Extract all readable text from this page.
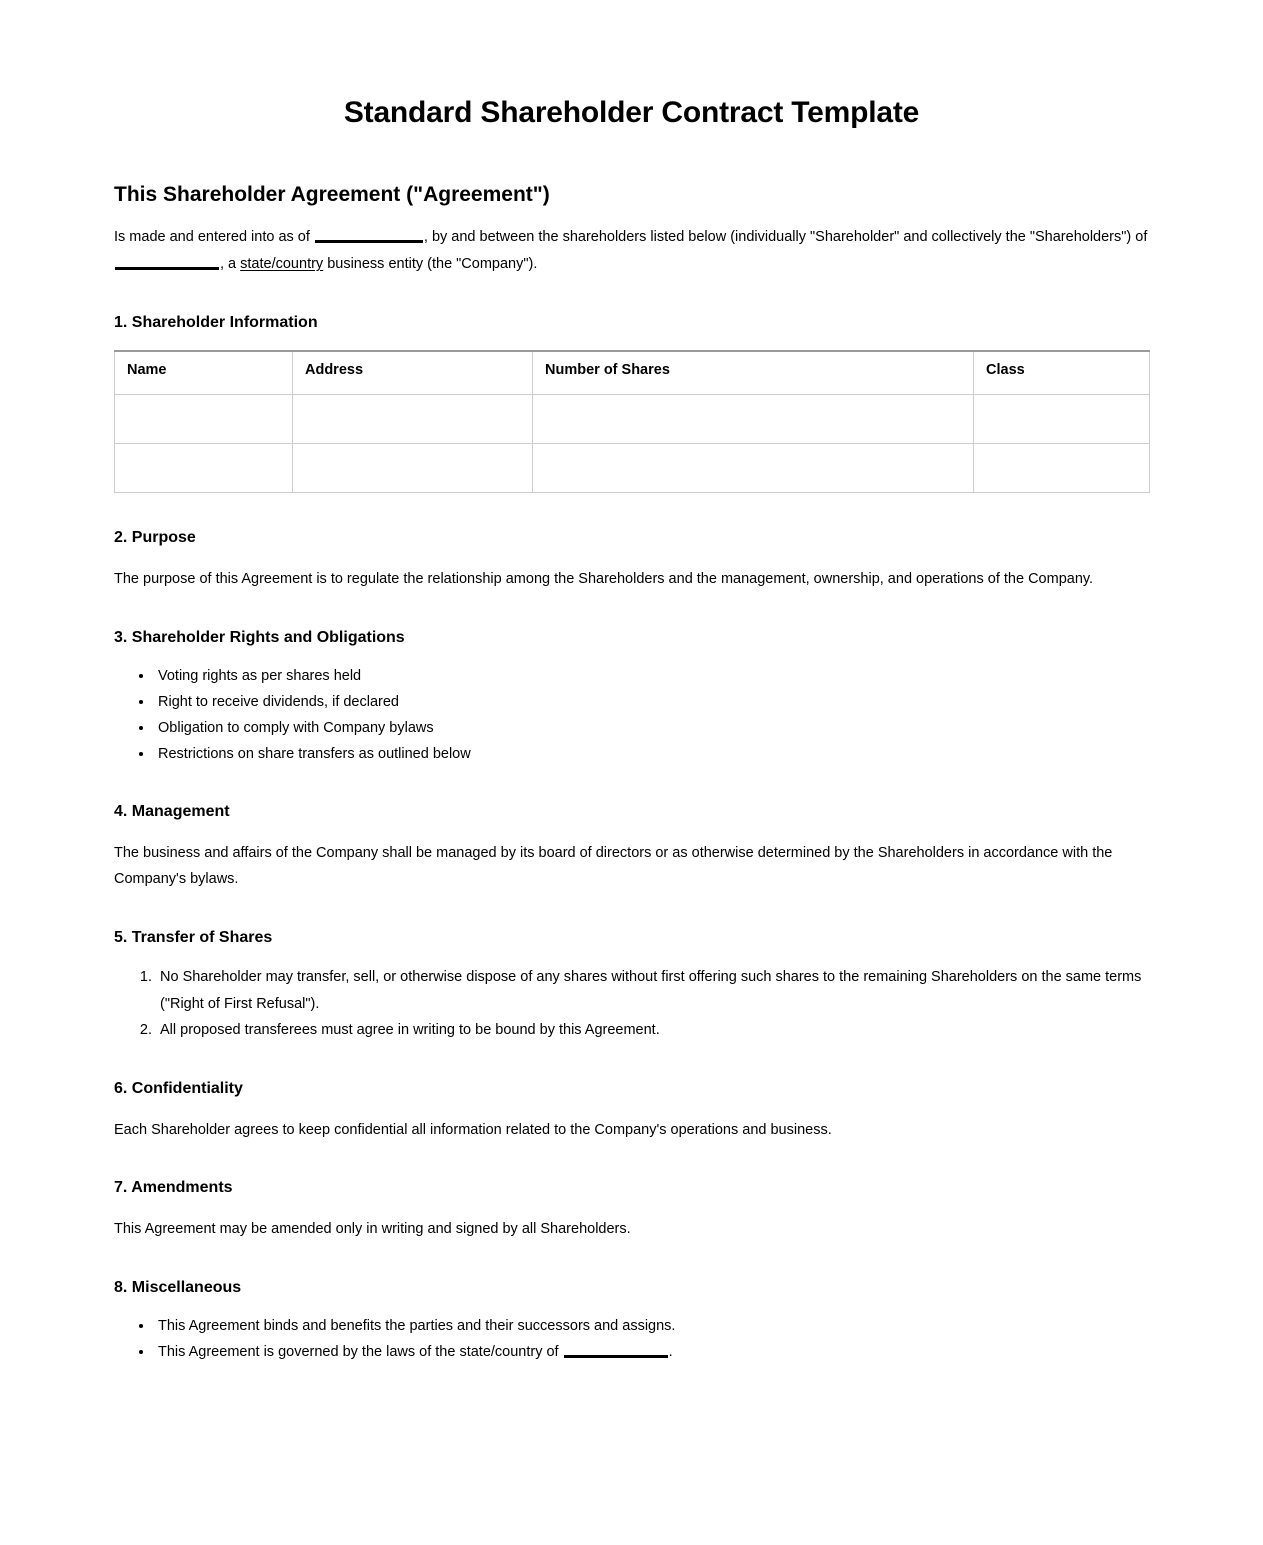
Standard Shareholder Contract Template
This Shareholder Agreement ("Agreement")

Is made and entered into as of	, by and between the shareholders listed below (individually "Shareholder" and collectively the "Shareholders") of , a state/country business entity (the "Company").

1. Shareholder Information
Name	Address	Number of Shares	Class

2. Purpose

The purpose of this Agreement is to regulate the relationship among the Shareholders and the management, ownership, and operations of the Company.

3. Shareholder Rights and Obligations
• Voting rights as per shares held
• Right to receive dividends, if declared
• Obligation to comply with Company bylaws
• Restrictions on share transfers as outlined below
4. Management

The business and affairs of the Company shall be managed by its board of directors or as otherwise determined by the Shareholders in accordance with the Company's bylaws.

5. Transfer of Shares
1. No Shareholder may transfer, sell, or otherwise dispose of any shares without first offering such shares to the remaining Shareholders on the same terms ("Right of First Refusal").
2. All proposed transferees must agree in writing to be bound by this Agreement.
6. Confidentiality

Each Shareholder agrees to keep confidential all information related to the Company's operations and business.

7. Amendments

This Agreement may be amended only in writing and signed by all Shareholders.

8. Miscellaneous
• This Agreement binds and benefits the parties and their successors and assigns.
• This Agreement is governed by the laws of the state/country of	.
